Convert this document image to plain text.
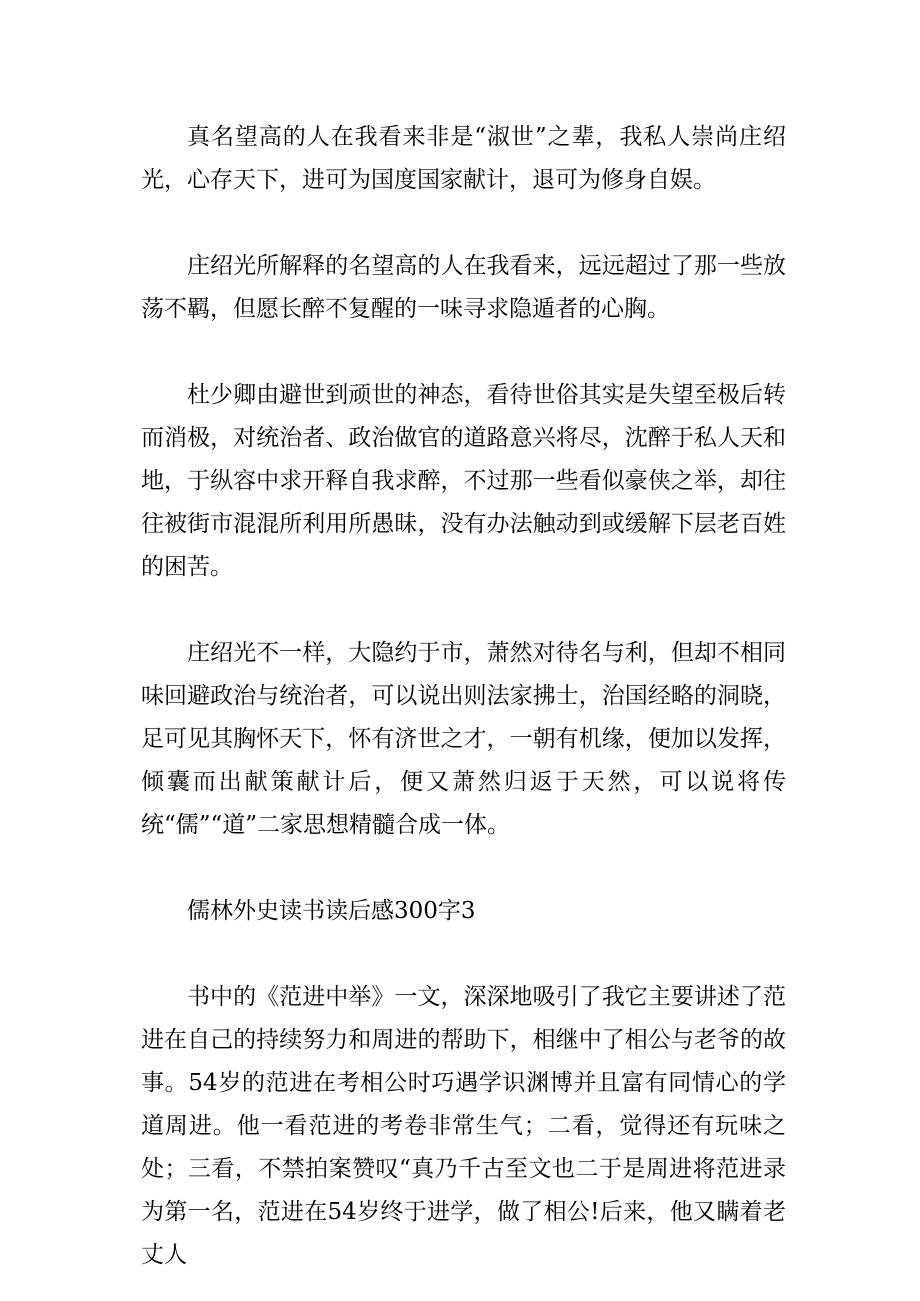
真名望高的人在我看来非是“淑世”之辈，我私人崇尚庄绍光，心存天下，进可为国度国家献计，退可为修身自娱。

庄绍光所解释的名望高的人在我看来，远远超过了那一些放荡不羁，但愿长醉不复醒的一味寻求隐遁者的心胸。

杜少卿由避世到顽世的神态，看待世俗其实是失望至极后转而消极，对统治者、政治做官的道路意兴将尽，沈醉于私人天和地，于纵容中求开释自我求醉，不过那一些看似豪侠之举，却往往被街市混混所利用所愚昧，没有办法触动到或缓解下层老百姓的困苦。

庄绍光不一样，大隐约于市，萧然对待名与利，但却不相同味回避政治与统治者，可以说出则法家拂士，治国经略的洞晓，足可见其胸怀天下，怀有济世之才，一朝有机缘，便加以发挥，倾囊而出献策献计后，便又萧然归返于天然，可以说将传统“儒”“道”二家思想精髓合成一体。

儒林外史读书读后感300字3

书中的《范进中举》一文，深深地吸引了我它主要讲述了范进在自己的持续努力和周进的帮助下，相继中了相公与老爷的故事。54岁的范进在考相公时巧遇学识渊博并且富有同情心的学道周进。他一看范进的考卷非常生气；二看，觉得还有玩味之处；三看，不禁拍案赞叹“真乃千古至文也二于是周进将范进录为第一名，范进在54岁终于进学，做了相公!后来，他又瞒着老丈人
